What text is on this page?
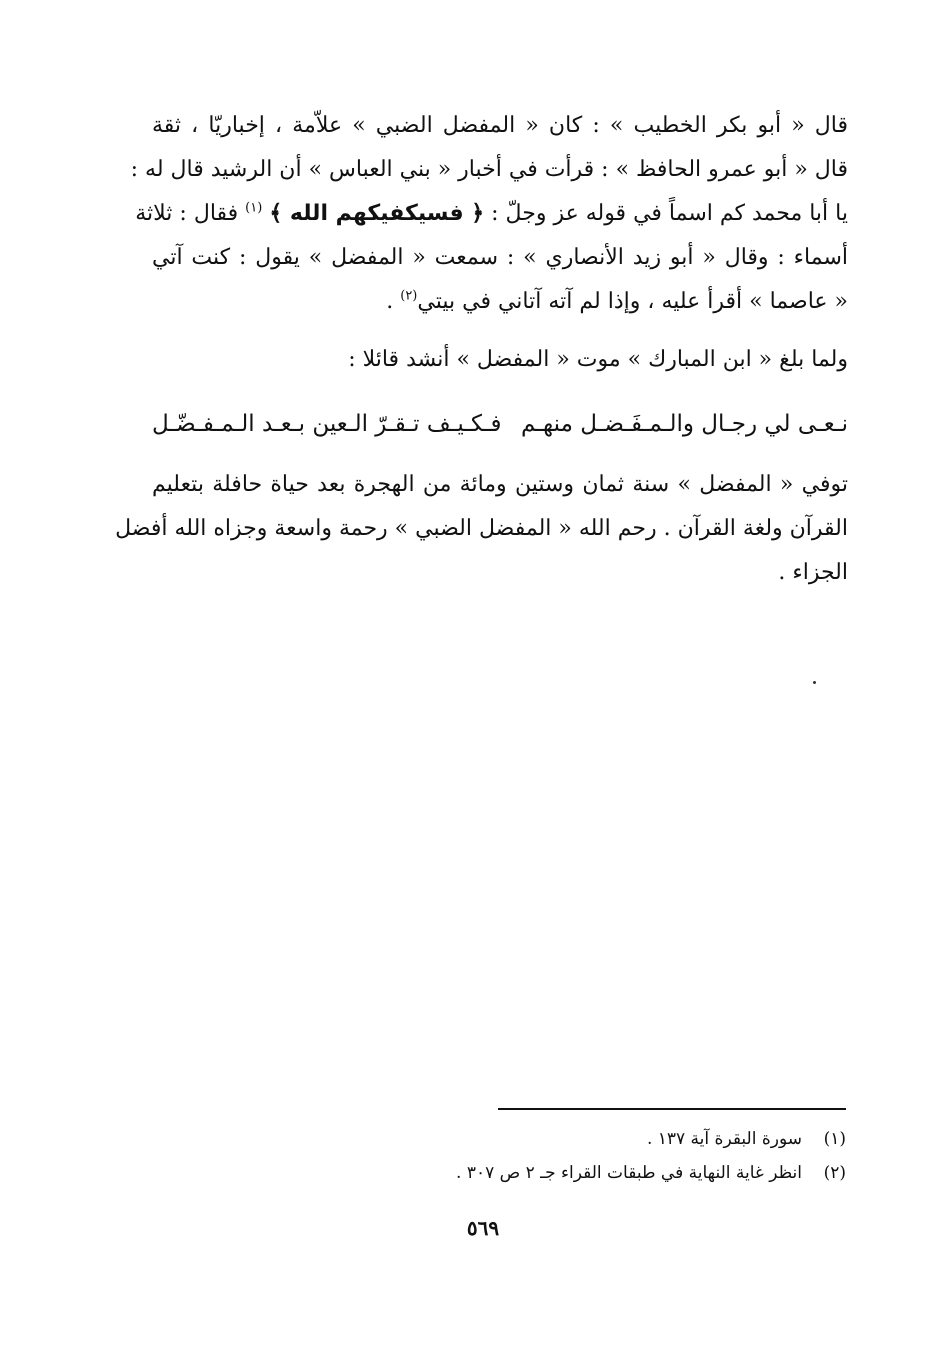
قال « أبو بكر الخطيب » : كان « المفضل الضبي » علاّمة ، إخباريّا ، ثقة
قال « أبو عمرو الحافظ » : قرأت في أخبار « بني العباس » أن الرشيد قال له :
يا أبا محمد كم اسماً في قوله عز وجلّ : ﴿ فسيكفيكهم الله ﴾ $^{(١)}$ فقال : ثلاثة
أسماء : وقال « أبو زيد الأنصاري » : سمعت « المفضل » يقول : كنت آتي
« عاصما » أقرأ عليه ، وإذا لم آته آتاني في بيتي$^{(٢)}$ .
ولما بلغ « ابن المبارك » موت « المفضل » أنشد قائلا :
نـعـى لي رجـال والـمـفَـضـل منهـم
فـكـيـف تـقـرّ الـعين بـعـد الـمـفـضّـل
توفي « المفضل » سنة ثمان وستين ومائة من الهجرة بعد حياة حافلة بتعليم
القرآن ولغة القرآن . رحم الله « المفضل الضبي » رحمة واسعة وجزاه الله أفضل
الجزاء .
(١)سورة البقرة آية ١٣٧ .
(٢)انظر غاية النهاية في طبقات القراء جـ ٢ ص ٣٠٧ .
٥٦٩
